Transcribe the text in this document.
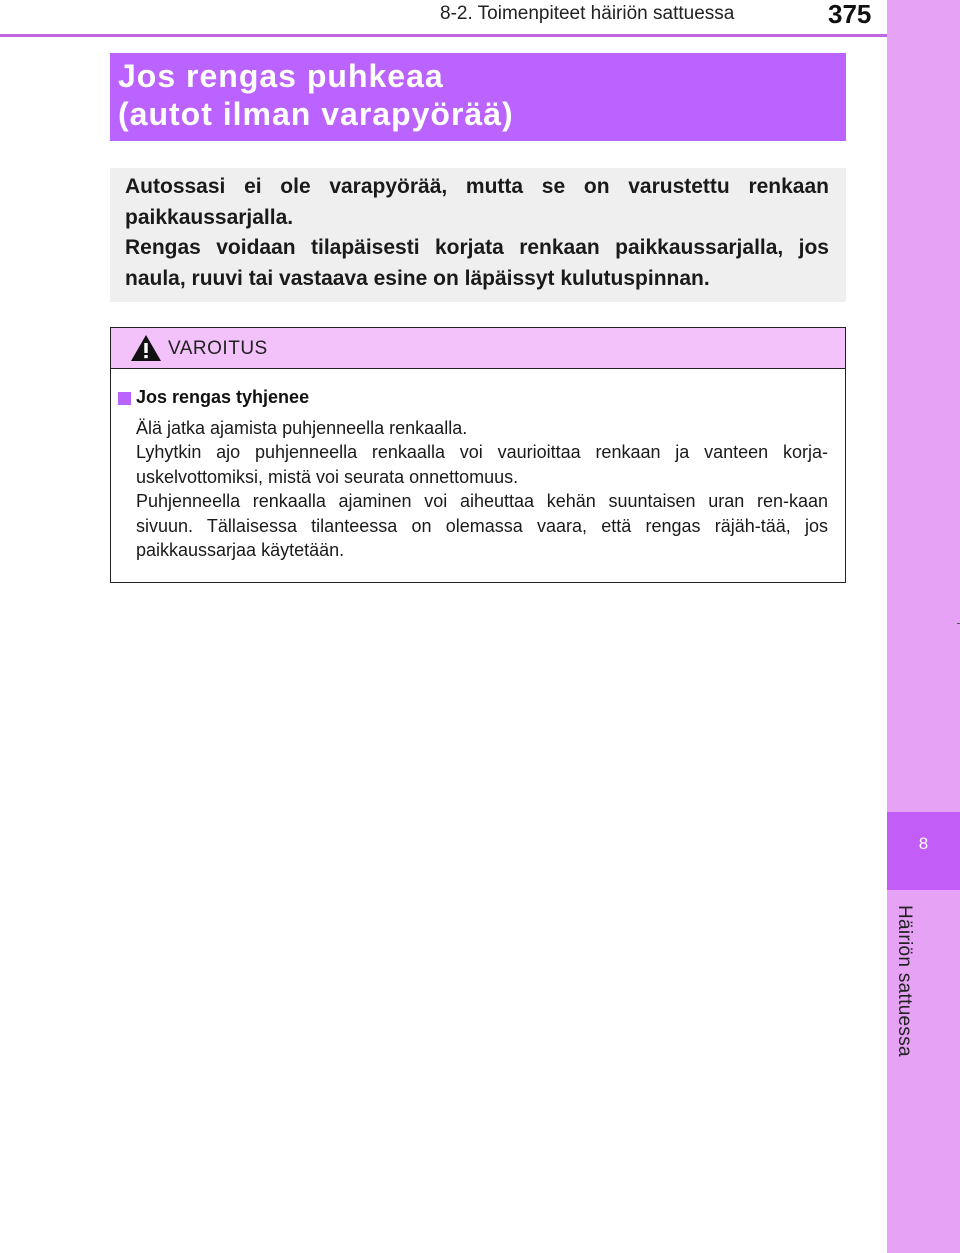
8-2. Toimenpiteet häiriön sattuessa	375
8
Häiriön sattuessa
Jos rengas puhkeaa
(autot ilman varapyörää)

Autossasi ei ole varapyörää, mutta se on varustettu renkaan paikkaussarjalla.

Rengas voidaan tilapäisesti korjata renkaan paikkaussarjalla, jos naula, ruuvi tai vastaava esine on läpäissyt kulutuspinnan.

VAROITUS
Jos rengas tyhjenee

Älä jatka ajamista puhjenneella renkaalla.

Lyhytkin ajo puhjenneella renkaalla voi vaurioittaa renkaan ja vanteen korja-uskelvottomiksi, mistä voi seurata onnettomuus.

Puhjenneella renkaalla ajaminen voi aiheuttaa kehän suuntaisen uran ren-kaan sivuun. Tällaisessa tilanteessa on olemassa vaara, että rengas räjäh-tää, jos paikkaussarjaa käytetään.
